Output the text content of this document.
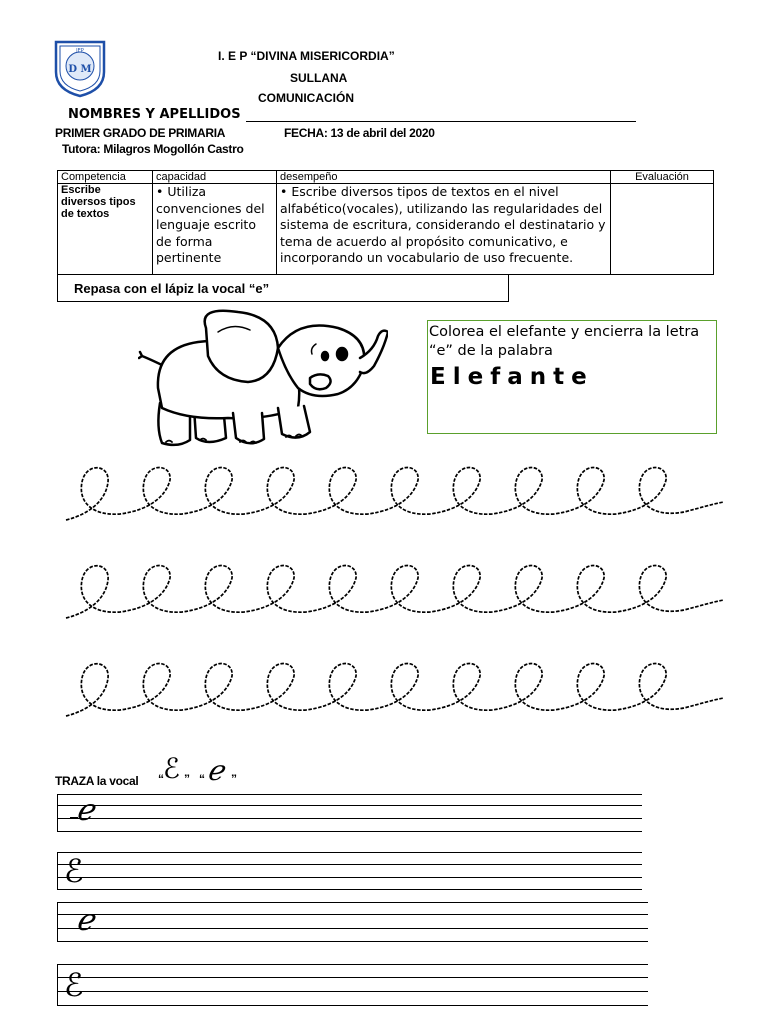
IEP
D M
I. E P “DIVINA MISERICORDIA”
SULLANA
COMUNICACIÓN
NOMBRES Y APELLIDOS
PRIMER GRADO DE PRIMARIA	FECHA: 13 de abril del 2020
Tutora: Milagros Mogollón Castro
Competencia	capacidad	desempeño	Evaluación
Escribe diversos tipos de textos	• Utiliza convenciones del lenguaje escrito de forma pertinente	• Escribe diversos tipos de textos en el nivel alfabético(vocales), utilizando las regularidades del sistema de escritura, considerando el destinatario y tema de acuerdo al propósito comunicativo, e incorporando un vocabulario de uso frecuente.	
Repasa con el lápiz la vocal “e”
Colorea el elefante y encierra la letra “e” de la palabra
Elefante
TRAZA la vocal “ ℰ ” “ ℯ ”
ℯ
ℰ
ℯ
ℰ
